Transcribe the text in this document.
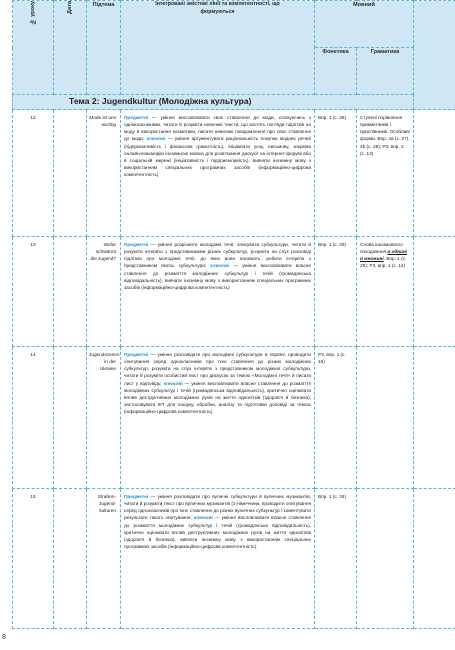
№ уроку	Дата	Підтема	Інтегровані змістові лінії та компетентності, що формуються	Мовний		
				Фонетика	Граматика	
Тема 2: Jugendkultur (Молодіжна культура)						
12		Mode ist uns wichtig	Предметні — уміння висловлювати своє ставлення до моди, спілкуючись з однокласниками, читати й розуміти невеликі тексти, що містять погляди підлітків на моду й використання косметики, писати невеликі повідомлення про своє ставлення до моди; ключові — уміння аргументувати раціональність покупки модних речей (підприємливість і фінансова грамотність), ініціювати усну, письмову, зокрема онлайн-взаємодію іноземною мовою для розв'язання дискусії на інтернет-форумі або в соціальній мережі (ініціативність і підприємливість), вивчати іноземну мову з використанням спеціальних програмних засобів (інформаційно-цифрова компетентність)	Впр. 1 (с. 26)	Ступені порівняння прикметників і прислівників. Особливі форми. Впр. 4a (с. 27), 4b (с. 28); Р3, впр. 2 (с. 13)	
13		Wofür schwärmt die Jugend?	Предметні — уміння розрізняти молодіжні течії, описувати субкультури, читати й розуміти інтерв'ю з представниками різних субкультур, розуміти на слух розповіді підлітків про молодіжні течії, до яких вони належать, робити інтерв'ю з представником якоїсь субкультури; ключові — уміння висловлювати власне ставлення до розмаїття молодіжних субкультур і течій (громадянська відповідальність), вивчати іноземну мову з використанням спеціальних програмних засобів (інформаційно-цифрова компетентність)	Впр. 1 (с. 29)	Слова іншомовного походження в однині й множині. Впр. 1 (с. 29); Р3, впр. 1 (с. 14)	
14		Jugendszenen in der Ukraine	Предметні — уміння розповідати про молодіжні субкультури в Україні, проводити опитування серед однокласників про їхнє ставлення до різних молодіжних субкультур, розуміти на слух інтерв'ю з представником молодіжної субкультури, читати й розуміти особистий лист про дискусію за темою «Молодіжні течії» й писати лист у відповідь; ключові — уміння висловлювати власне ставлення до розмаїття молодіжних субкультур і течій (громадянська відповідальність), критично оцінювати вплив деструктивних молодіжних рухів на життя однолітків (здоров'я й безпека), застосовувати ІКТ для пошуку, обробки, аналізу та підготовки доповіді за темою (інформаційно-цифрова компетентність)	Р3, впр. 1 (с. 16)		
15		Straßen-Jugend-kulturen	Предметні — уміння розповідати про вуличні субкультури й вуличних музикантів, читати й розуміти текст про вуличних музикантів (з Німеччини, проводити опитування серед однокласників про їхнє ставлення до різних вуличних субкультур і коментувати результати такого опитування; ключові — уміння висловлювати власне ставлення до розмаїття молодіжних субкультур і течій (громадянська відповідальність), критично оцінювати вплив деструктивних молодіжних рухів на життя однолітків (здоров'я й безпека), вивчати іноземну мову з використанням спеціальних програмних засобів (інформаційно-цифрова компетентність)	Впр. 1 (с. 34)		
8
